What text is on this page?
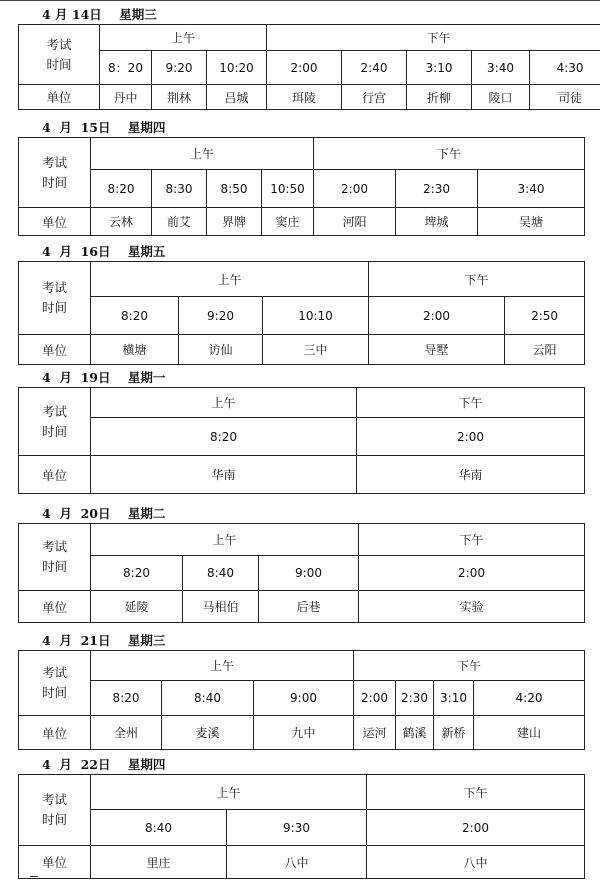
4 月 14日    星期三
考试
时间	上午			下午				
	8：20	9:20	10:20	2:00	2:40	3:10	3:40	4:30
单位	丹中	荆林	吕城	珥陵	行宫	折柳	陵口	司徒
4  月  15日    星期四
考试
时间	上午				下午		
	8:20	8:30	8:50	10:50	2:00	2:30	3:40
单位	云林	前艾	界牌	窦庄	河阳	埤城	吴塘
4  月  16日    星期五
考试
时间	上午			下午	
	8:20	9:20	10:10	2:00	2:50
单位	横塘	访仙	三中	导墅	云阳
4  月  19日    星期一
考试
时间	上午	下午
	8:20	2:00
单位	华南	华南
4  月  20日    星期二
考试
时间	上午			下午
	8:20	8:40	9:00	2:00
单位	延陵	马相伯	后巷	实验
4  月  21日    星期三
考试
时间	上午			下午			
	8:20	8:40	9:00	2:00	2:30	3:10	4:20
单位	全州	麦溪	九中	运河	鹤溪	新桥	建山
4  月  22日    星期四
考试
时间	上午		下午
	8:40	9:30	2:00
单位	里庄	八中	八中
